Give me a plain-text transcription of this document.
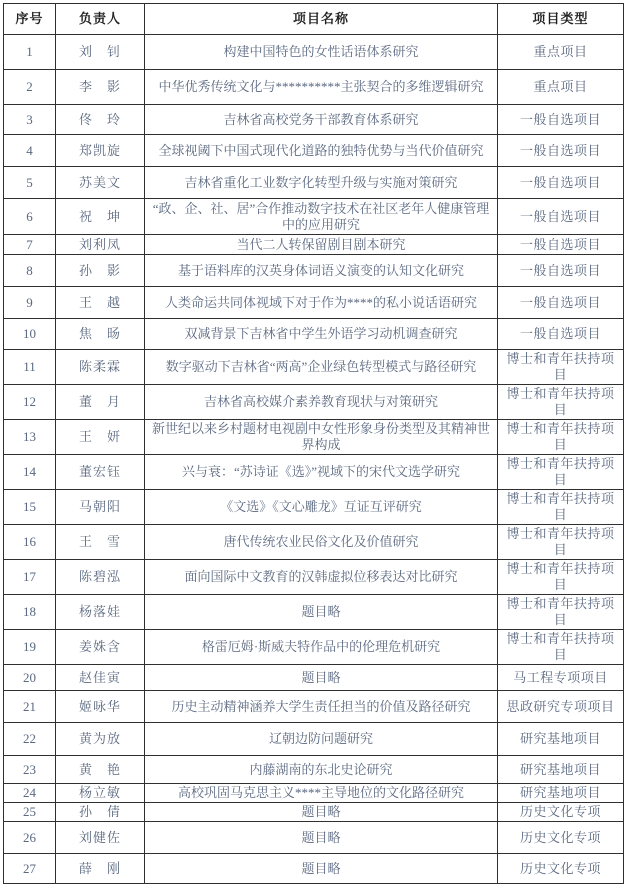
序号	负责人	项目名称	项目类型
1	刘　钊	构建中国特色的女性话语体系研究	重点项目
2	李　影	中华优秀传统文化与**********主张契合的多维逻辑研究	重点项目
3	佟　玲	吉林省高校党务干部教育体系研究	一般自选项目
4	郑凯旋	全球视阈下中国式现代化道路的独特优势与当代价值研究	一般自选项目
5	苏美文	吉林省重化工业数字化转型升级与实施对策研究	一般自选项目
6	祝　坤	“政、企、社、居”合作推动数字技术在社区老年人健康管理中的应用研究	一般自选项目
7	刘利凤	当代二人转保留剧目剧本研究	一般自选项目
8	孙　影	基于语料库的汉英身体词语义演变的认知文化研究	一般自选项目
9	王　越	人类命运共同体视域下对于作为****的私小说话语研究	一般自选项目
10	焦　旸	双减背景下吉林省中学生外语学习动机调查研究	一般自选项目
11	陈柔霖	数字驱动下吉林省“两高”企业绿色转型模式与路径研究	博士和青年扶持项目
12	董　月	吉林省高校媒介素养教育现状与对策研究	博士和青年扶持项目
13	王　妍	新世纪以来乡村题材电视剧中女性形象身份类型及其精神世界构成	博士和青年扶持项目
14	董宏钰	兴与衰：“苏诗证《选》”视域下的宋代文选学研究	博士和青年扶持项目
15	马朝阳	《文选》《文心雕龙》互证互评研究	博士和青年扶持项目
16	王　雪	唐代传统农业民俗文化及价值研究	博士和青年扶持项目
17	陈碧泓	面向国际中文教育的汉韩虚拟位移表达对比研究	博士和青年扶持项目
18	杨落娃	题目略	博士和青年扶持项目
19	姜姝含	格雷厄姆·斯威夫特作品中的伦理危机研究	博士和青年扶持项目
20	赵佳寅	题目略	马工程专项项目
21	姬咏华	历史主动精神涵养大学生责任担当的价值及路径研究	思政研究专项项目
22	黄为放	辽朝边防问题研究	研究基地项目
23	黄　艳	内藤湖南的东北史论研究	研究基地项目
24	杨立敏	高校巩固马克思主义****主导地位的文化路径研究	研究基地项目
25	孙　倩	题目略	历史文化专项
26	刘健佐	题目略	历史文化专项
27	薛　刚	题目略	历史文化专项
